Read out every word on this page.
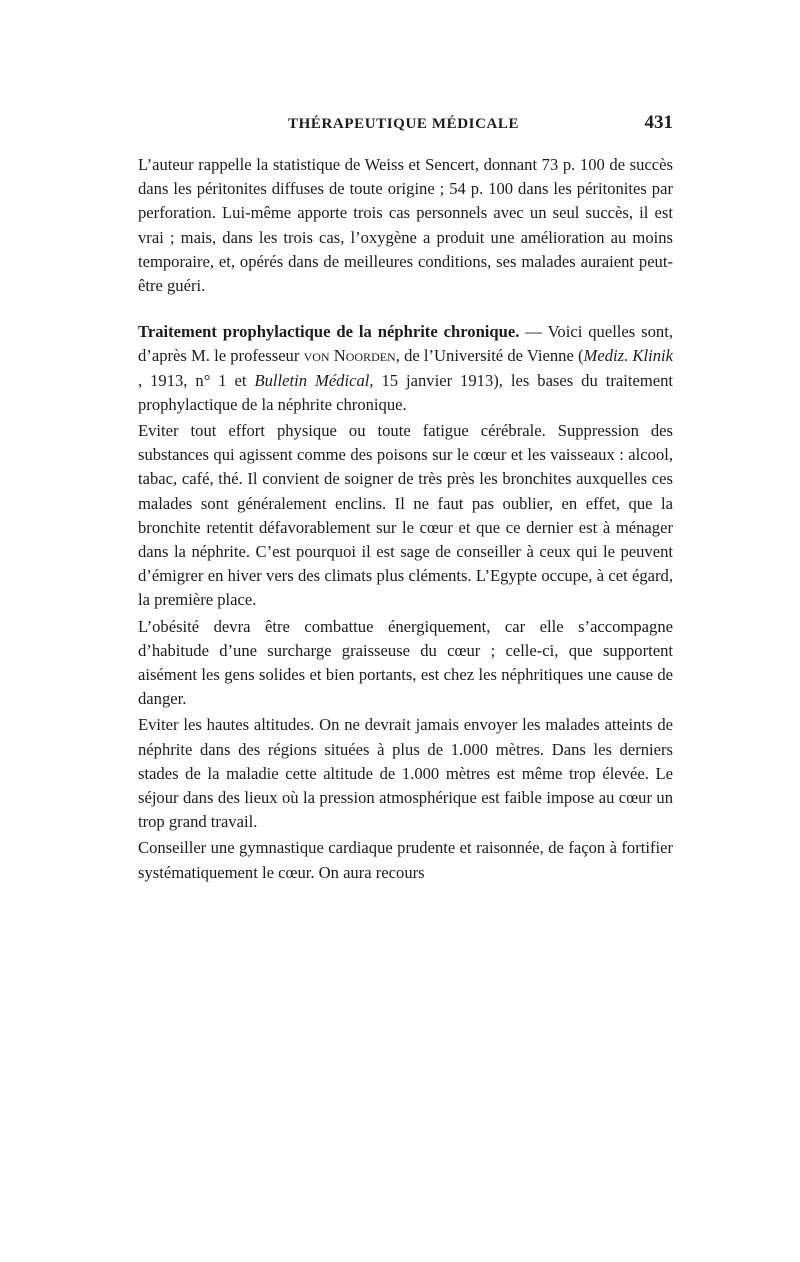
THÉRAPEUTIQUE MÉDICALE	431

L’auteur rappelle la statistique de Weiss et Sencert, donnant 73 p. 100 de succès dans les péritonites diffuses de toute origine ; 54 p. 100 dans les péritonites par perforation. Lui-même apporte trois cas personnels avec un seul succès, il est vrai ; mais, dans les trois cas, l’oxygène a produit une amélioration au moins temporaire, et, opérés dans de meilleures conditions, ses malades auraient peut-être guéri.

Traitement prophylactique de la néphrite chronique. — Voici quelles sont, d’après M. le professeur von Noorden, de l’Université de Vienne (Mediz. Klinik , 1913, n° 1 et Bulletin Médical, 15 janvier 1913), les bases du traitement prophylactique de la néphrite chronique.

Eviter tout effort physique ou toute fatigue cérébrale. Suppression des substances qui agissent comme des poisons sur le cœur et les vaisseaux : alcool, tabac, café, thé. Il convient de soigner de très près les bronchites auxquelles ces malades sont généralement enclins. Il ne faut pas oublier, en effet, que la bronchite retentit défavorablement sur le cœur et que ce dernier est à ménager dans la néphrite. C’est pourquoi il est sage de conseiller à ceux qui le peuvent d’émigrer en hiver vers des climats plus cléments. L’Egypte occupe, à cet égard, la première place.

L’obésité devra être combattue énergiquement, car elle s’accompagne d’habitude d’une surcharge graisseuse du cœur ; celle-ci, que supportent aisément les gens solides et bien portants, est chez les néphritiques une cause de danger.

Eviter les hautes altitudes. On ne devrait jamais envoyer les malades atteints de néphrite dans des régions situées à plus de 1.000 mètres. Dans les derniers stades de la maladie cette altitude de 1.000 mètres est même trop élevée. Le séjour dans des lieux où la pression atmosphérique est faible impose au cœur un trop grand travail.

Conseiller une gymnastique cardiaque prudente et raisonnée, de façon à fortifier systématiquement le cœur. On aura recours
